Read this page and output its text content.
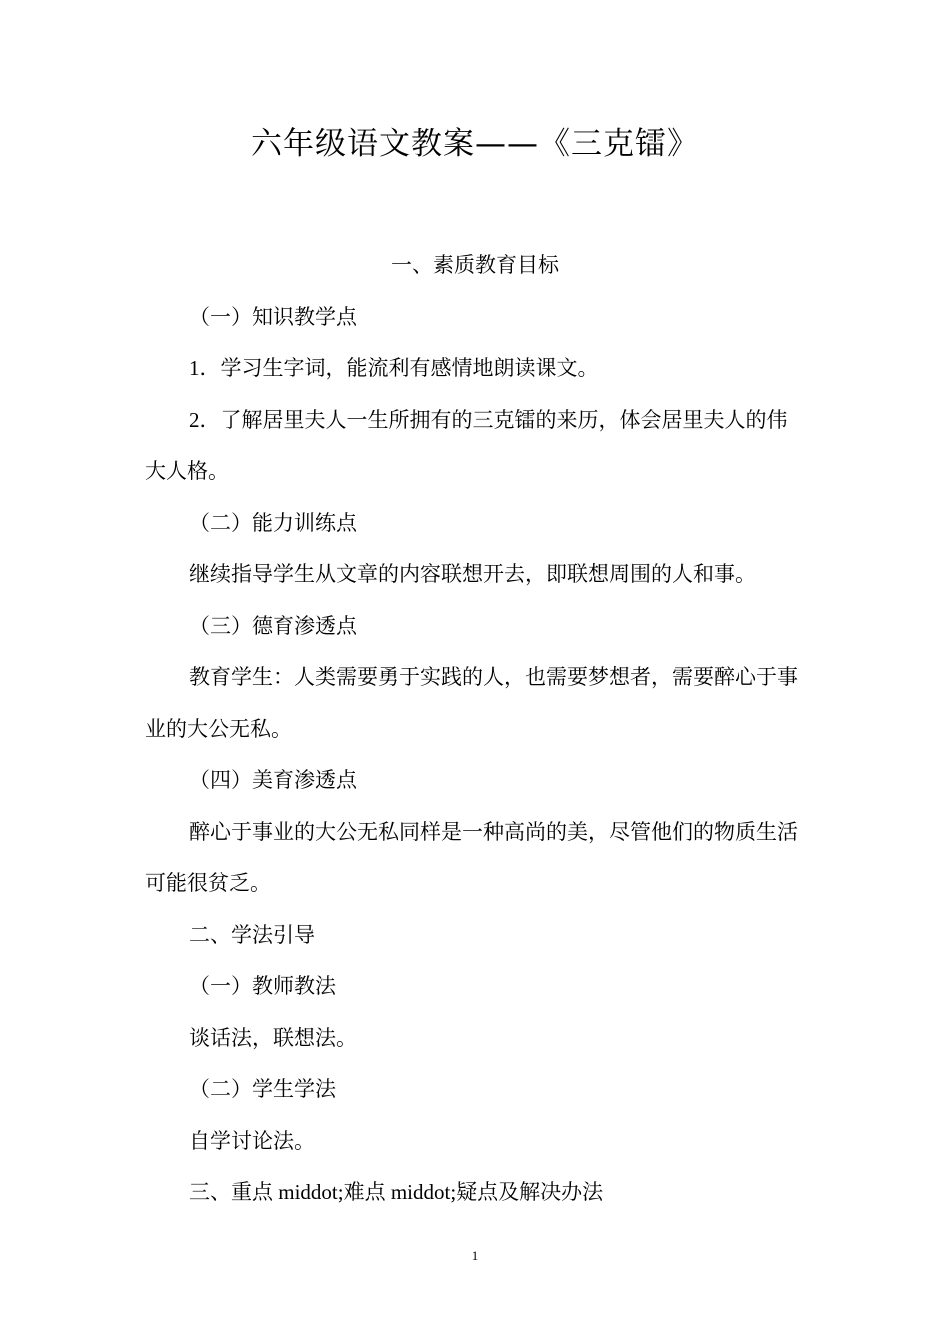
六年级语文教案——《三克镭》

一、素质教育目标

（一）知识教学点

1．学习生字词，能流利有感情地朗读课文。

2．了解居里夫人一生所拥有的三克镭的来历，体会居里夫人的伟大人格。

（二）能力训练点

继续指导学生从文章的内容联想开去，即联想周围的人和事。

（三）德育渗透点

教育学生：人类需要勇于实践的人，也需要梦想者，需要醉心于事业的大公无私。

（四）美育渗透点

醉心于事业的大公无私同样是一种高尚的美，尽管他们的物质生活可能很贫乏。

二、学法引导

（一）教师教法

谈话法，联想法。

（二）学生学法

自学讨论法。

三、重点 middot;难点 middot;疑点及解决办法

1
